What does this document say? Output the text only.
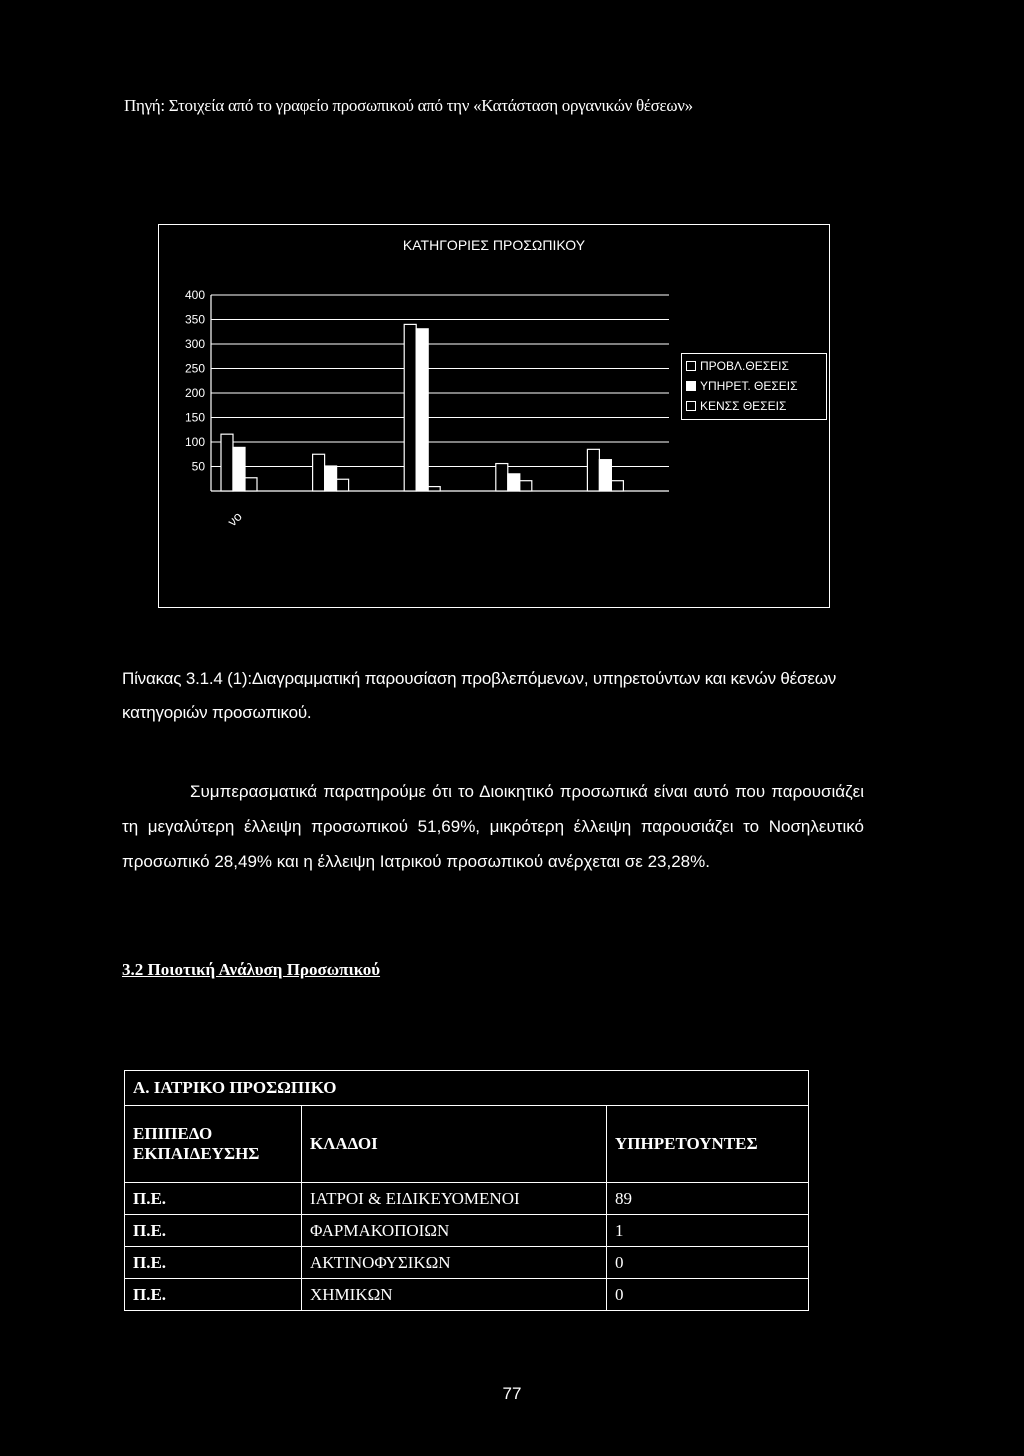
Πηγή: Στοιχεία από το γραφείο προσωπικού από την «Κατάσταση οργανικών θέσεων»
ΚΑΤΗΓΟΡΙΕΣ ΠΡΟΣΩΠΙΚΟΥ
400
350
300
250
200
150
100
50
νο
ΠΡΟΒΛ.ΘΕΣΕΙΣ
ΥΠΗΡΕΤ. ΘΕΣΕΙΣ
ΚΕΝΣΣ ΘΕΣΕΙΣ
Πίνακας 3.1.4 (1):Διαγραμματική παρουσίαση προβλεπόμενων, υπηρετούντων και κενών θέσεων κατηγοριών προσωπικού.
Συμπερασματικά παρατηρούμε ότι το Διοικητικό προσωπικά είναι αυτό που παρουσιάζει τη μεγαλύτερη έλλειψη προσωπικού 51,69%, μικρότερη έλλειψη παρουσιάζει το Νοσηλευτικό προσωπικό 28,49% και η έλλειψη Ιατρικού προσωπικού ανέρχεται σε 23,28%.
3.2 Ποιοτική Ανάλυση Προσωπικού
Α. ΙΑΤΡΙΚΟ ΠΡΟΣΩΠΙΚΟ		
ΕΠΙΠΕΔΟ ΕΚΠΑΙΔΕΥΣΗΣ	ΚΛΑΔΟΙ	ΥΠΗΡΕΤΟΥΝΤΕΣ
Π.Ε.	ΙΑΤΡΟΙ & ΕΙΔΙΚΕΥΟΜΕΝΟΙ	89
Π.Ε.	ΦΑΡΜΑΚΟΠΟΙΩΝ	1
Π.Ε.	ΑΚΤΙΝΟΦΥΣΙΚΩΝ	0
Π.Ε.	ΧΗΜΙΚΩΝ	0
77
